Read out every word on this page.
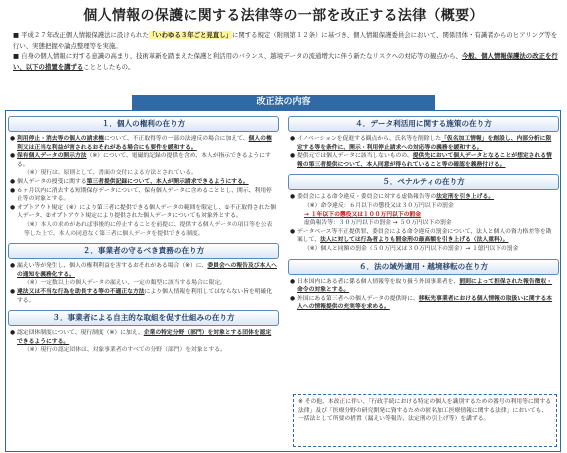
個人情報の保護に関する法律等の一部を改正する法律（概要）
■ 平成２７年改正個人情報保護法に設けられた「いわゆる３年ごと見直し」に関する規定（附則第１２条）に基づき、個人情報保護委員会において、関係団体・有識者からのヒアリング等を行い、実態把握や論点整理等を実施。
■ 自身の個人情報に対する意識の高まり、技術革新を踏まえた保護と利活用のバランス、越境データの流通増大に伴う新たなリスクへの対応等の観点から、今般、個人情報保護法の改正を行い、以下の措置を講ずることとしたもの。
改正法の内容
１．個人の権利の在り方
● 利用停止・消去等の個人の請求権について、不正取得等の一部の法違反の場合に加えて、個人の権利又は正当な利益が害されるおそれがある場合にも要件を緩和する。
● 保有個人データの開示方法（※）について、電磁的記録の提供を含め、本人が指示できるようにする。
（※）現行は、原則として、書面の交付による方法とされている。
● 個人データの授受に関する第三者提供記録について、本人が開示請求できるようにする。
● ６ヶ月以内に消去する短期保存データについて、保有個人データに含めることとし、開示、利用停止等の対象とする。
● オプトアウト規定（※）により第三者に提供できる個人データの範囲を限定し、①不正取得された個人データ、②オプトアウト規定により提供された個人データについても対象外とする。
（※）本人の求めがあれば事後的に停止することを前提に、提供する個人データの項目等を公表等した上で、本人の同意なく第三者に個人データを提供できる制度。
２．事業者の守るべき責務の在り方
● 漏えい等が発生し、個人の権利利益を害するおそれがある場合（※）に、委員会への報告及び本人への通知を義務化する。
（※）一定数以上の個人データの漏えい、一定の類型に該当する場合に限定。
● 違法又は不当な行為を助長する等の不適正な方法により個人情報を利用してはならない旨を明確化する。
３．事業者による自主的な取組を促す仕組みの在り方
● 認定団体制度について、現行制度（※）に加え、企業の特定分野（部門）を対象とする団体を認定できるようにする。
（※）現行の認定団体は、対象事業者のすべての分野（部門）を対象とする。
４．データ利活用に関する施策の在り方
● イノベーションを促進する観点から、氏名等を削除した「仮名加工情報」を創設し、内部分析に限定する等を条件に、開示・利用停止請求への対応等の義務を緩和する。
● 提供元では個人データに該当しないものの、提供先において個人データとなることが想定される情報の第三者提供について、本人同意が得られていること等の確認を義務付ける。
５．ペナルティの在り方
● 委員会による命令違反・委員会に対する虚偽報告等の法定刑を引き上げる。
（※）命令違反：６月以下の懲役又は３０万円以下の罰金
→ １年以下の懲役又は１００万円以下の罰金
虚偽報告等：３０万円以下の罰金 → ５０万円以下の罰金
● データベース等不正提供罪、委員会による命令違反の罰金について、法人と個人の資力格差等を勘案して、法人に対しては行為者よりも罰金刑の最高額を引き上げる（法人重科）。
（※）個人と同額の罰金（５０万円又は３０万円以下の罰金）→ １億円以下の罰金
６．法の域外適用・越境移転の在り方
● 日本国内にある者に係る個人情報等を取り扱う外国事業者を、罰則によって担保された報告徴収・命令の対象とする。
● 外国にある第三者への個人データの提供時に、移転先事業者における個人情報の取扱いに関する本人への情報提供の充実等を求める。
※ その他、本改正に伴い、「行政手続における特定の個人を識別するための番号の利用等に関する法律」及び「医療分野の研究開発に資するための匿名加工医療情報に関する法律」においても、一括法として所要の措置（漏えい等報告、法定刑の引上げ等）を講ずる。
